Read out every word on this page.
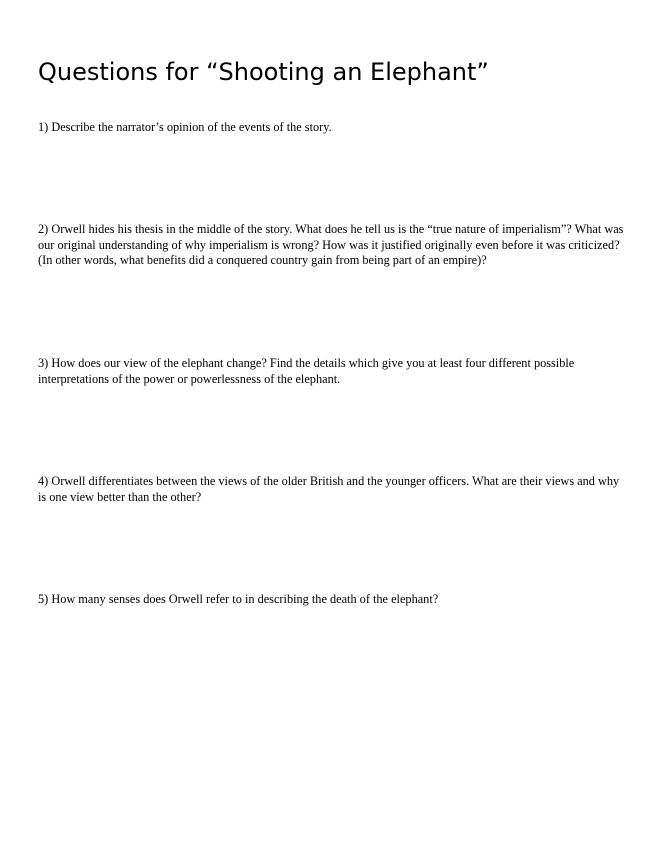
Questions for “Shooting an Elephant”

1) Describe the narrator’s opinion of the events of the story.

2) Orwell hides his thesis in the middle of the story. What does he tell us is the “true nature of imperialism”? What was our original understanding of why imperialism is wrong? How was it justified originally even before it was criticized? (In other words, what benefits did a conquered country gain from being part of an empire)?

3) How does our view of the elephant change? Find the details which give you at least four different possible interpretations of the power or powerlessness of the elephant.

4) Orwell differentiates between the views of the older British and the younger officers. What are their views and why is one view better than the other?

5) How many senses does Orwell refer to in describing the death of the elephant?
